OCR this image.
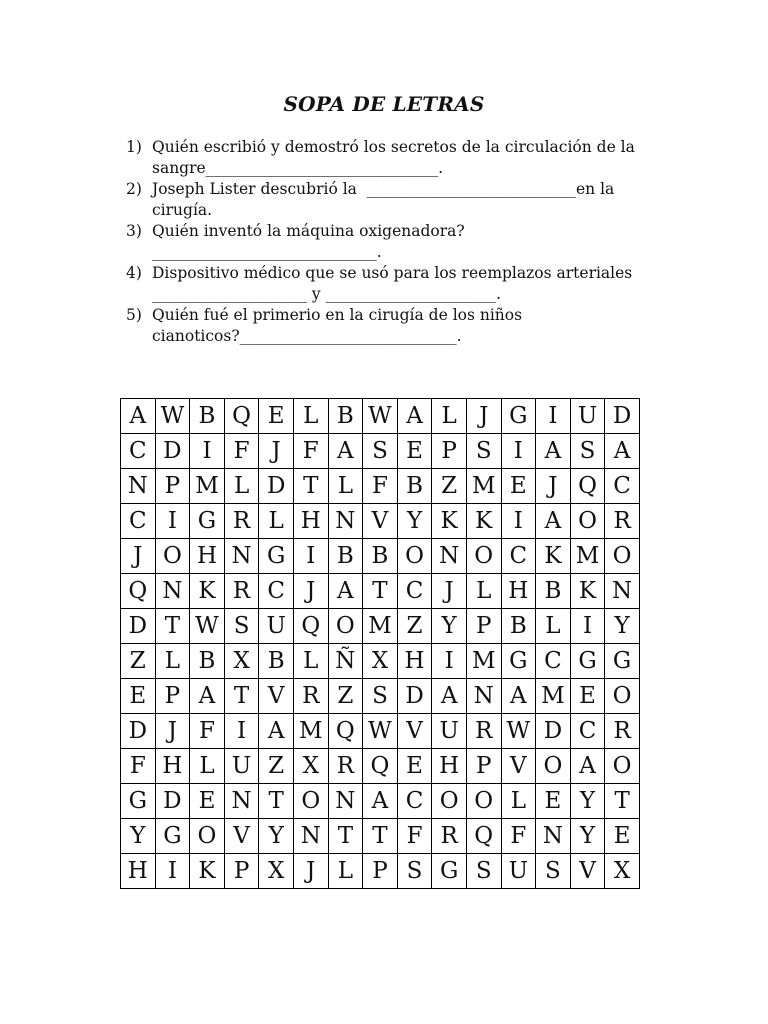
SOPA DE LETRAS
1) Quién escribió y demostró los secretos de la circulación de la
sangre______________________________.
2) Joseph Lister descubrió la  ___________________________en la cirugía.
3) Quién inventó la máquina oxigenadora?_____________________________.
4) Dispositivo médico que se usó para los reemplazos arteriales
____________________ y ______________________.
5) Quién fué el primerio en la cirugía de los niños
cianoticos?____________________________.
A	W	B	Q	E	L	B	W	A	L	J	G	I	U	D
C	D	I	F	J	F	A	S	E	P	S	I	A	S	A
N	P	M	L	D	T	L	F	B	Z	M	E	J	Q	C
C	I	G	R	L	H	N	V	Y	K	K	I	A	O	R
J	O	H	N	G	I	B	B	O	N	O	C	K	M	O
Q	N	K	R	C	J	A	T	C	J	L	H	B	K	N
D	T	W	S	U	Q	O	M	Z	Y	P	B	L	I	Y
Z	L	B	X	B	L	Ñ	X	H	I	M	G	C	G	G
E	P	A	T	V	R	Z	S	D	A	N	A	M	E	O
D	J	F	I	A	M	Q	W	V	U	R	W	D	C	R
F	H	L	U	Z	X	R	Q	E	H	P	V	O	A	O
G	D	E	N	T	O	N	A	C	O	O	L	E	Y	T
Y	G	O	V	Y	N	T	T	F	R	Q	F	N	Y	E
H	I	K	P	X	J	L	P	S	G	S	U	S	V	X
